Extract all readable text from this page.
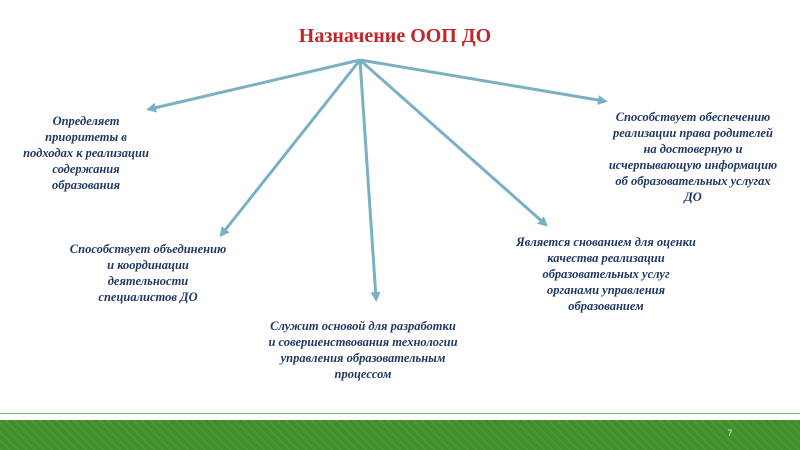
Назначение ООП ДО
Определяет
приоритеты в
подходах к реализации
содержания
образования
Способствует объединению
и координации
деятельности
специалистов ДО
Служит основой для разработки
и совершенствования технологии
управления образовательным
процессом
Является снованием для оценки
качества реализации
образовательных услуг
органами управления
образованием
Способствует обеспечению
реализации права родителей
на достоверную и
исчерпывающую информацию
об образовательных услугах
ДО
7
